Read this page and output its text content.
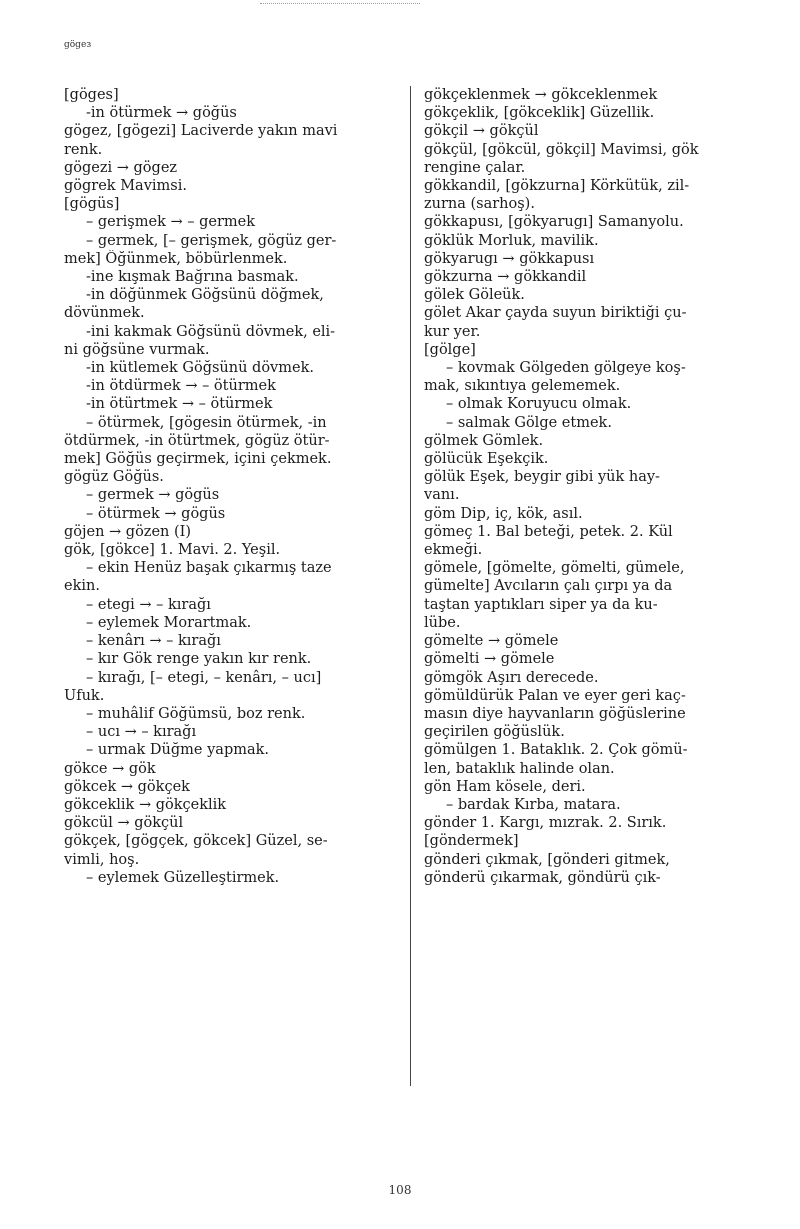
gögeз
[göges]
-in ötürmek → göğüs
gögez, [gögezi] Laciverde yakın mavi
renk.
gögezi → gögez
gögrek Mavimsi.
[gögüs]
– gerişmek → – germek
– germek, [– gerişmek, gögüz ger-
mek] Öğünmek, böbürlenmek.
-ine kışmak Bağrına basmak.
-in döğünmek Göğsünü döğmek,
dövünmek.
-ini kakmak Göğsünü dövmek, eli-
ni göğsüne vurmak.
-in kütlemek Göğsünü dövmek.
-in ötdürmek → – ötürmek
-in ötürtmek → – ötürmek
– ötürmek, [gögesin ötürmek, -in
ötdürmek, -in ötürtmek, gögüz ötür-
mek] Göğüs geçirmek, içini çekmek.
gögüz Göğüs.
– germek → gögüs
– ötürmek → gögüs
göjen → gözen (I)
gök, [gökce] 1. Mavi. 2. Yeşil.
– ekin Henüz başak çıkarmış taze
ekin.
– etegi → – kırağı
– eylemek Morartmak.
– kenârı → – kırağı
– kır Gök renge yakın kır renk.
– kırağı, [– etegi, – kenârı, – ucı]
Ufuk.
– muhâlif Göğümsü, boz renk.
– ucı → – kırağı
– urmak Düğme yapmak.
gökce → gök
gökcek → gökçek
gökceklik → gökçeklik
gökcül → gökçül
gökçek, [gögçek, gökcek] Güzel, se-
vimli, hoş.
– eylemek Güzelleştirmek.
gökçeklenmek → gökceklenmek
gökçeklik, [gökceklik] Güzellik.
gökçil → gökçül
gökçül, [gökcül, gökçil] Mavimsi, gök
rengine çalar.
gökkandil, [gökzurna] Körkütük, zil-
zurna (sarhoş).
gökkapusı, [gökyarugı] Samanyolu.
göklük Morluk, mavilik.
gökyarugı → gökkapusı
gökzurna → gökkandil
gölek Göleük.
gölet Akar çayda suyun biriktiği çu-
kur yer.
[gölge]
– kovmak Gölgeden gölgeye koş-
mak, sıkıntıya gelememek.
– olmak Koruyucu olmak.
– salmak Gölge etmek.
gölmek Gömlek.
gölücük Eşekçik.
gölük Eşek, beygir gibi yük hay-
vanı.
göm Dip, iç, kök, asıl.
gömeç 1. Bal beteği, petek. 2. Kül
ekmeği.
gömele, [gömelte, gömelti, gümele,
gümelte] Avcıların çalı çırpı ya da
taştan yaptıkları siper ya da ku-
lübe.
gömelte → gömele
gömelti → gömele
gömgök Aşırı derecede.
gömüldürük Palan ve eyer geri kaç-
masın diye hayvanların göğüslerine
geçirilen göğüslük.
gömülgen 1. Bataklık. 2. Çok gömü-
len, bataklık halinde olan.
gön Ham kösele, deri.
– bardak Kırba, matara.
gönder 1. Kargı, mızrak. 2. Sırık.
[göndermek]
gönderi çıkmak, [gönderi gitmek,
gönderü çıkarmak, göndürü çık-
108
